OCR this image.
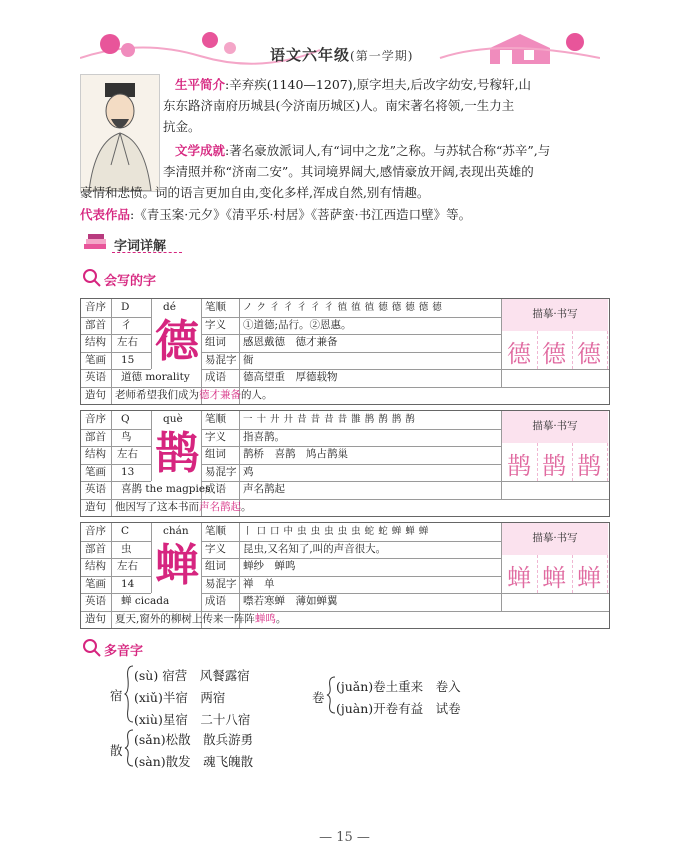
语文六年级(第一学期)
生平简介:辛弃疾(1140—1207),原字坦夫,后改字幼安,号稼轩,山
东东路济南府历城县(今济南历城区)人。南宋著名将领,一生力主
抗金。
文学成就:著名豪放派词人,有“词中之龙”之称。与苏轼合称“苏辛”,与
李清照并称“济南二安”。其词境界阔大,感情豪放开阔,表现出英雄的
豪情和悲愤。词的语言更加自由,变化多样,浑成自然,别有情趣。
代表作品:《青玉案·元夕》《清平乐·村居》《菩萨蛮·书江西造口壁》等。
字词详解
会写的字
音序
部首
结构
笔画
D
彳
左右
15
英语 道德 morality
造句
dé
德
笔顺
字义
组词
易混字
成语
ノ ク 彳 彳 彳 彳 彳 徝 徝 徝 德 德 德 德 德
①道德;品行。②恩惠。
感恩戴德　德才兼备
衙
德高望重　厚德载物
老师希望我们成为德才兼备的人。
描摹·书写
德 德 德
音序
部首
结构
笔画
Q
鸟
左右
13
英语 喜鹊 the magpies
造句
què
鹊
笔顺
字义
组词
易混字
成语
一 十 廾 廾 昔 昔 昔 昔 䧿 鹊 鹊 鹊 鹊
指喜鹊。
鹊桥　喜鹊　鸠占鹊巢
鸡
声名鹊起
他因写了这本书而声名鹊起。
描摹·书写
鹊 鹊 鹊
音序
部首
结构
笔画
C
虫
左右
14
英语 蝉 cicada
造句
chán
蝉
笔顺
字义
组词
易混字
成语
丨 口 口 中 虫 虫 虫 虫 虫 蛇 蛇 蝉 蝉 蝉
昆虫,又名知了,叫的声音很大。
蝉纱　蝉鸣
禅　单
噤若寒蝉　薄如蝉翼
夏天,窗外的柳树上传来一阵阵蝉鸣。
描摹·书写
蝉 蝉 蝉
多音字
宿
(sù) 宿营　风餐露宿
(xiǔ)半宿　两宿
(xiù)星宿　二十八宿
散
(sǎn)松散　散兵游勇
(sàn)散发　魂飞魄散
卷
(juǎn)卷土重来　卷入
(juàn)开卷有益　试卷
— 15 —
